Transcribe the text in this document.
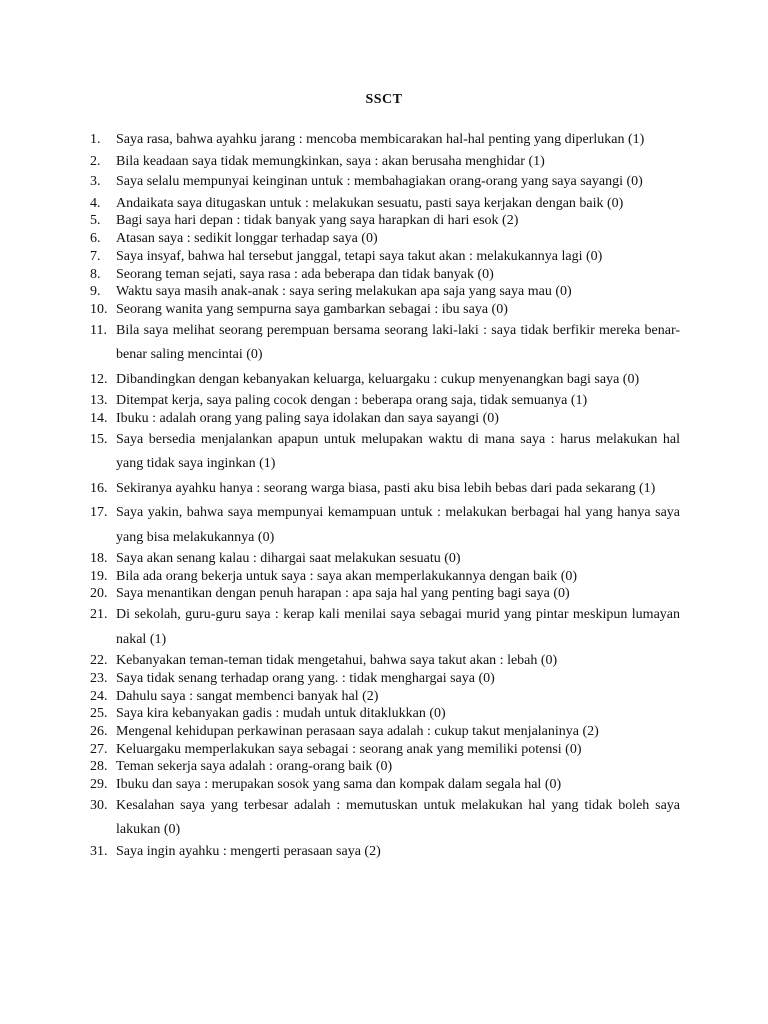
SSCT
1.	Saya rasa, bahwa ayahku jarang : mencoba membicarakan hal-hal penting yang diperlukan (1)
2.	Bila keadaan saya tidak memungkinkan, saya : akan berusaha menghidar (1)
3.	Saya selalu mempunyai keinginan untuk : membahagiakan orang-orang yang saya sayangi (0)
4.	Andaikata saya ditugaskan untuk : melakukan sesuatu, pasti saya kerjakan dengan baik (0)
5.	Bagi saya hari depan : tidak banyak yang saya harapkan di hari esok (2)
6.	Atasan saya : sedikit longgar terhadap saya (0)
7.	Saya insyaf, bahwa hal tersebut janggal, tetapi saya takut akan : melakukannya lagi (0)
8.	Seorang teman sejati, saya rasa : ada beberapa dan tidak banyak (0)
9.	Waktu saya masih anak-anak : saya sering melakukan apa saja yang saya mau (0)
10. Seorang wanita yang sempurna saya gambarkan sebagai : ibu saya (0)
11. Bila saya melihat seorang perempuan bersama seorang laki-laki : saya tidak berfikir mereka benar-benar saling mencintai (0)
12. Dibandingkan dengan kebanyakan keluarga, keluargaku : cukup menyenangkan bagi saya (0)
13. Ditempat kerja, saya paling cocok dengan : beberapa orang saja, tidak semuanya (1)
14. Ibuku : adalah orang yang paling saya idolakan dan saya sayangi (0)
15. Saya bersedia menjalankan apapun untuk melupakan waktu di mana saya : harus melakukan hal yang tidak saya inginkan (1)
16. Sekiranya ayahku hanya : seorang warga biasa, pasti aku bisa lebih bebas dari pada sekarang (1)
17. Saya yakin, bahwa saya mempunyai kemampuan untuk : melakukan berbagai hal yang hanya saya yang bisa melakukannya (0)
18. Saya akan senang kalau : dihargai saat melakukan sesuatu (0)
19. Bila ada orang bekerja untuk saya : saya akan memperlakukannya dengan baik (0)
20. Saya menantikan dengan penuh harapan : apa saja hal yang penting bagi saya (0)
21. Di sekolah, guru-guru saya : kerap kali menilai saya sebagai murid yang pintar meskipun lumayan nakal (1)
22. Kebanyakan teman-teman tidak mengetahui, bahwa saya takut akan : lebah (0)
23. Saya tidak senang terhadap orang yang. : tidak menghargai saya (0)
24. Dahulu saya : sangat membenci banyak hal (2)
25. Saya kira kebanyakan gadis : mudah untuk ditaklukkan (0)
26. Mengenal kehidupan perkawinan perasaan saya adalah : cukup takut menjalaninya (2)
27. Keluargaku memperlakukan saya sebagai : seorang anak yang memiliki potensi (0)
28. Teman sekerja saya adalah : orang-orang baik (0)
29. Ibuku dan saya : merupakan sosok yang sama dan kompak dalam segala hal (0)
30. Kesalahan saya yang terbesar adalah : memutuskan untuk melakukan hal yang tidak boleh saya lakukan (0)
31. Saya ingin ayahku : mengerti perasaan saya (2)
